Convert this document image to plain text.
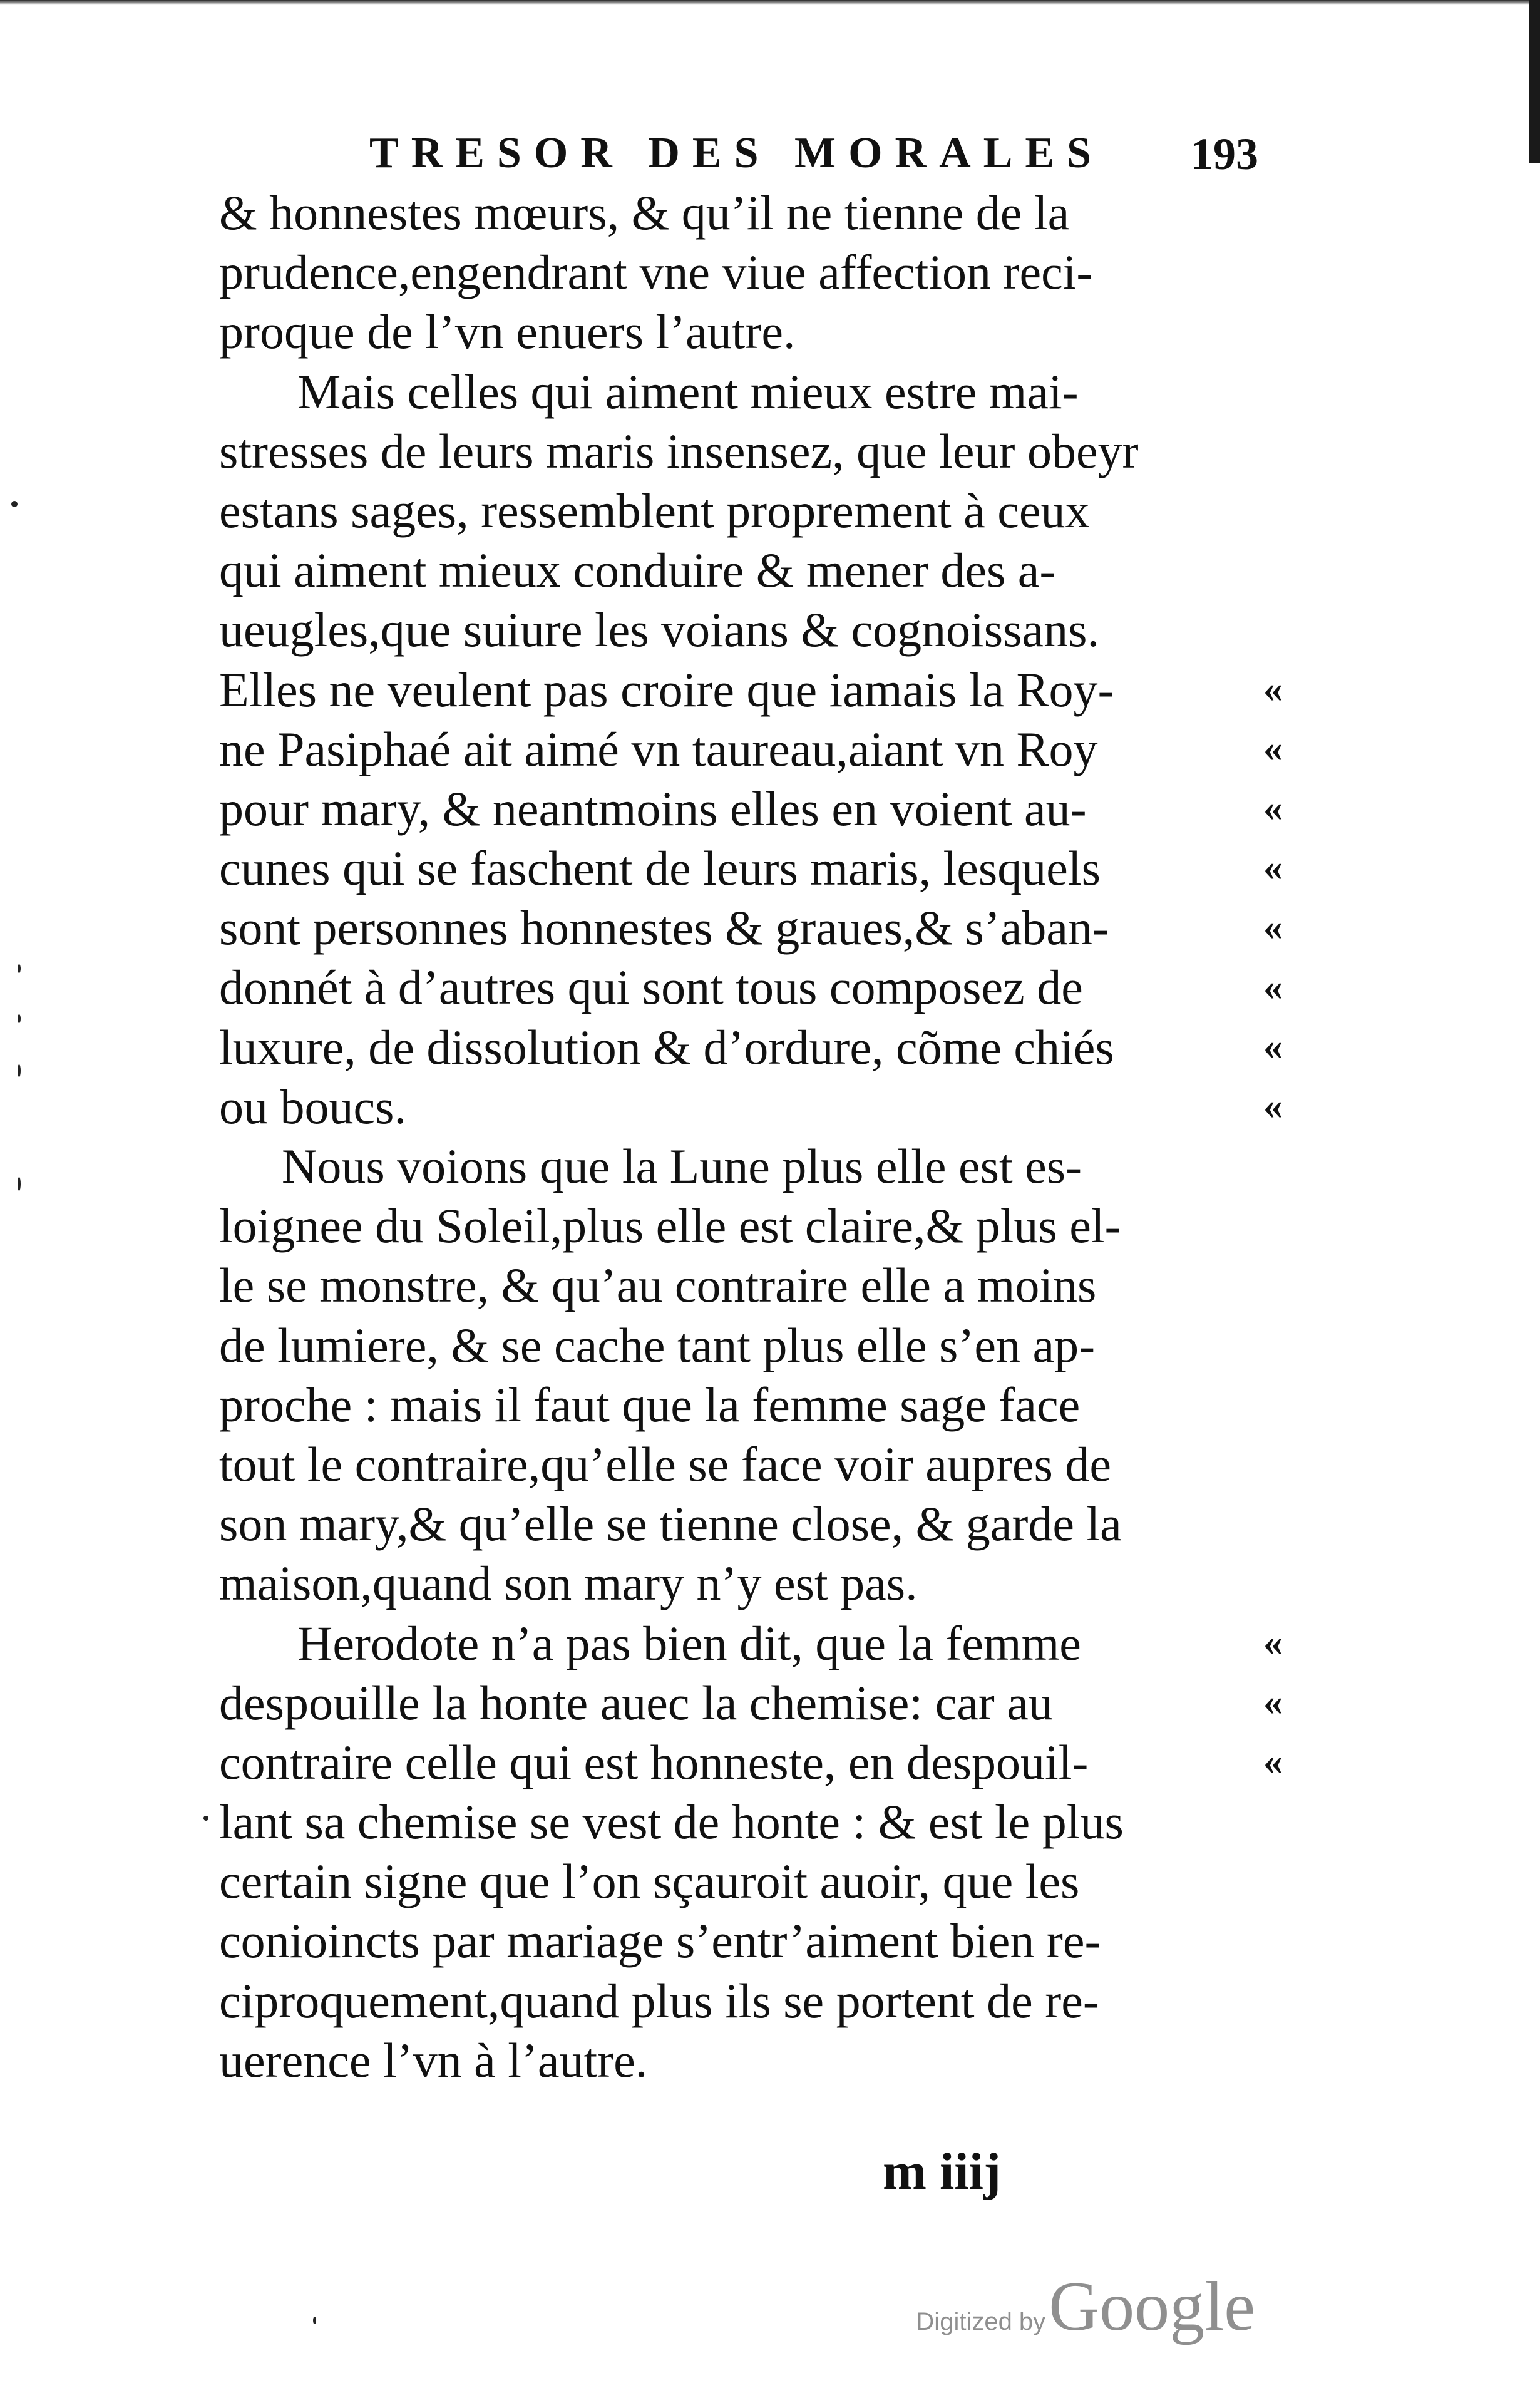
TRESOR DES MORALES 193
& honnestes mœurs, & qu’il ne tienne de la
prudence,engendrant vne viue affection reci-
proque de l’vn enuers l’autre.
Mais celles qui aiment mieux estre mai-
stresses de leurs maris insensez, que leur obeyr
estans sages, ressemblent proprement à ceux
qui aiment mieux conduire & mener des a-
ueugles,que suiure les voians & cognoissans.
Elles ne veulent pas croire que iamais la Roy-
ne Pasiphaé ait aimé vn taureau,aiant vn Roy
pour mary, & neantmoins elles en voient au-
cunes qui se faschent de leurs maris, lesquels
sont personnes honnestes & graues,& s’aban-
donnét à d’autres qui sont tous composez de
luxure, de dissolution & d’ordure, cõme chiés
ou boucs.
Nous voions que la Lune plus elle est es-
loignee du Soleil,plus elle est claire,& plus el-
le se monstre, & qu’au contraire elle a moins
de lumiere, & se cache tant plus elle s’en ap-
proche : mais il faut que la femme sage face
tout le contraire,qu’elle se face voir aupres de
son mary,& qu’elle se tienne close, & garde la
maison,quand son mary n’y est pas.
Herodote n’a pas bien dit, que la femme
despouille la honte auec la chemise: car au
contraire celle qui est honneste, en despouil-
lant sa chemise se vest de honte : & est le plus
certain signe que l’on sçauroit auoir, que les
conioincts par mariage s’entr’aiment bien re-
ciproquement,quand plus ils se portent de re-
uerence l’vn à l’autre.
«
«
«
«
«
«
«
«
«
«
«
m iiij
Digitized by Google
